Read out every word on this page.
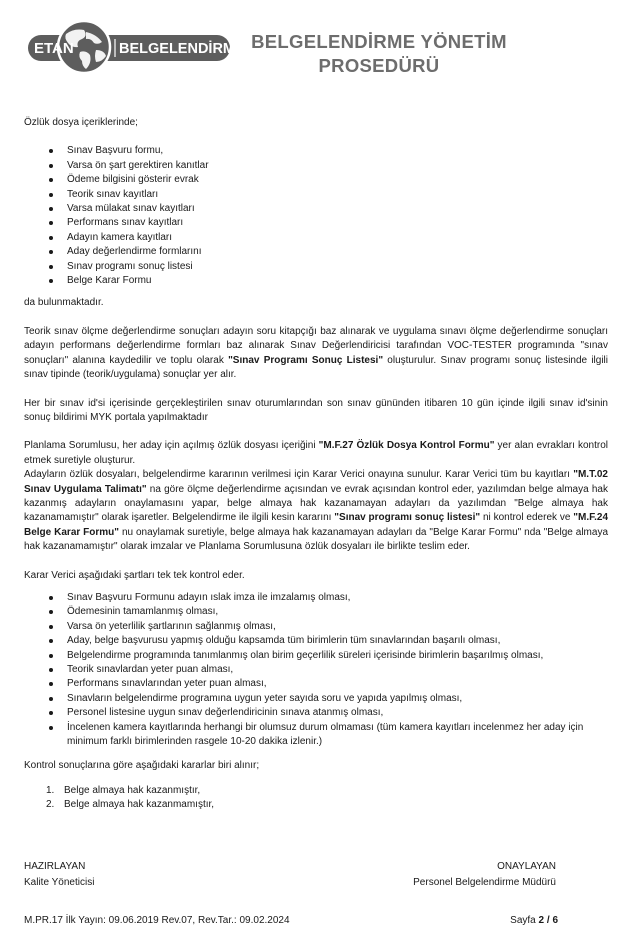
ETAN	BELGELENDİRME BELGELENDİRME YÖNETİM
PROSEDÜRÜ

Özlük dosya içeriklerinde;

Sınav Başvuru formu,
Varsa ön şart gerektiren kanıtlar
Ödeme bilgisini gösterir evrak
Teorik sınav kayıtları
Varsa mülakat sınav kayıtları
Performans sınav kayıtları
Adayın kamera kayıtları
Aday değerlendirme formlarını
Sınav programı sonuç listesi
Belge Karar Formu

da bulunmaktadır.

Teorik sınav ölçme değerlendirme sonuçları adayın soru kitapçığı baz alınarak ve uygulama sınavı ölçme değerlendirme sonuçları adayın performans değerlendirme formları baz alınarak Sınav Değerlendiricisi tarafından VOC-TESTER programında "sınav sonuçları" alanına kaydedilir ve toplu olarak "Sınav Programı Sonuç Listesi" oluşturulur. Sınav programı sonuç listesinde ilgili sınav tipinde (teorik/uygulama) sonuçlar yer alır.

Her bir sınav id'si içerisinde gerçekleştirilen sınav oturumlarından son sınav gününden itibaren 10 gün içinde ilgili sınav id'sinin sonuç bildirimi MYK portala yapılmaktadır

Planlama Sorumlusu, her aday için açılmış özlük dosyası içeriğini "M.F.27 Özlük Dosya Kontrol Formu" yer alan evrakları kontrol etmek suretiyle oluşturur.

Adayların özlük dosyaları, belgelendirme kararının verilmesi için Karar Verici onayına sunulur. Karar Verici tüm bu kayıtları "M.T.02 Sınav Uygulama Talimatı" na göre ölçme değerlendirme açısından ve evrak açısından kontrol eder, yazılımdan belge almaya hak kazanmış adayların onaylamasını yapar, belge almaya hak kazanamayan adayları da yazılımdan "Belge almaya hak kazanamamıştır" olarak işaretler. Belgelendirme ile ilgili kesin kararını "Sınav programı sonuç listesi" ni kontrol ederek ve "M.F.24 Belge Karar Formu" nu onaylamak suretiyle, belge almaya hak kazanamayan adayları da "Belge Karar Formu" nda "Belge almaya hak kazanamamıştır" olarak imzalar ve Planlama Sorumlusuna özlük dosyaları ile birlikte teslim eder.

Karar Verici aşağıdaki şartları tek tek kontrol eder.

Sınav Başvuru Formunu adayın ıslak imza ile imzalamış olması,
Ödemesinin tamamlanmış olması,
Varsa ön yeterlilik şartlarının sağlanmış olması,
Aday, belge başvurusu yapmış olduğu kapsamda tüm birimlerin tüm sınavlarından başarılı olması,
Belgelendirme programında tanımlanmış olan birim geçerlilik süreleri içerisinde birimlerin başarılmış olması,
Teorik sınavlardan yeter puan alması,
Performans sınavlarından yeter puan alması,
Sınavların belgelendirme programına uygun yeter sayıda soru ve yapıda yapılmış olması,
Personel listesine uygun sınav değerlendiricinin sınava atanmış olması,
İncelenen kamera kayıtlarında herhangi bir olumsuz durum olmaması (tüm kamera kayıtları incelenmez her aday için minimum farklı birimlerinden rasgele 10-20 dakika izlenir.)

Kontrol sonuçlarına göre aşağıdaki kararlar biri alınır;

1. Belge almaya hak kazanmıştır,
2. Belge almaya hak kazanmamıştır,
HAZIRLAYAN	ONAYLAYAN
Kalite Yöneticisi	Personel Belgelendirme Müdürü
M.PR.17 İlk Yayın: 09.06.2019 Rev.07, Rev.Tar.: 09.02.2024	Sayfa 2 / 6
